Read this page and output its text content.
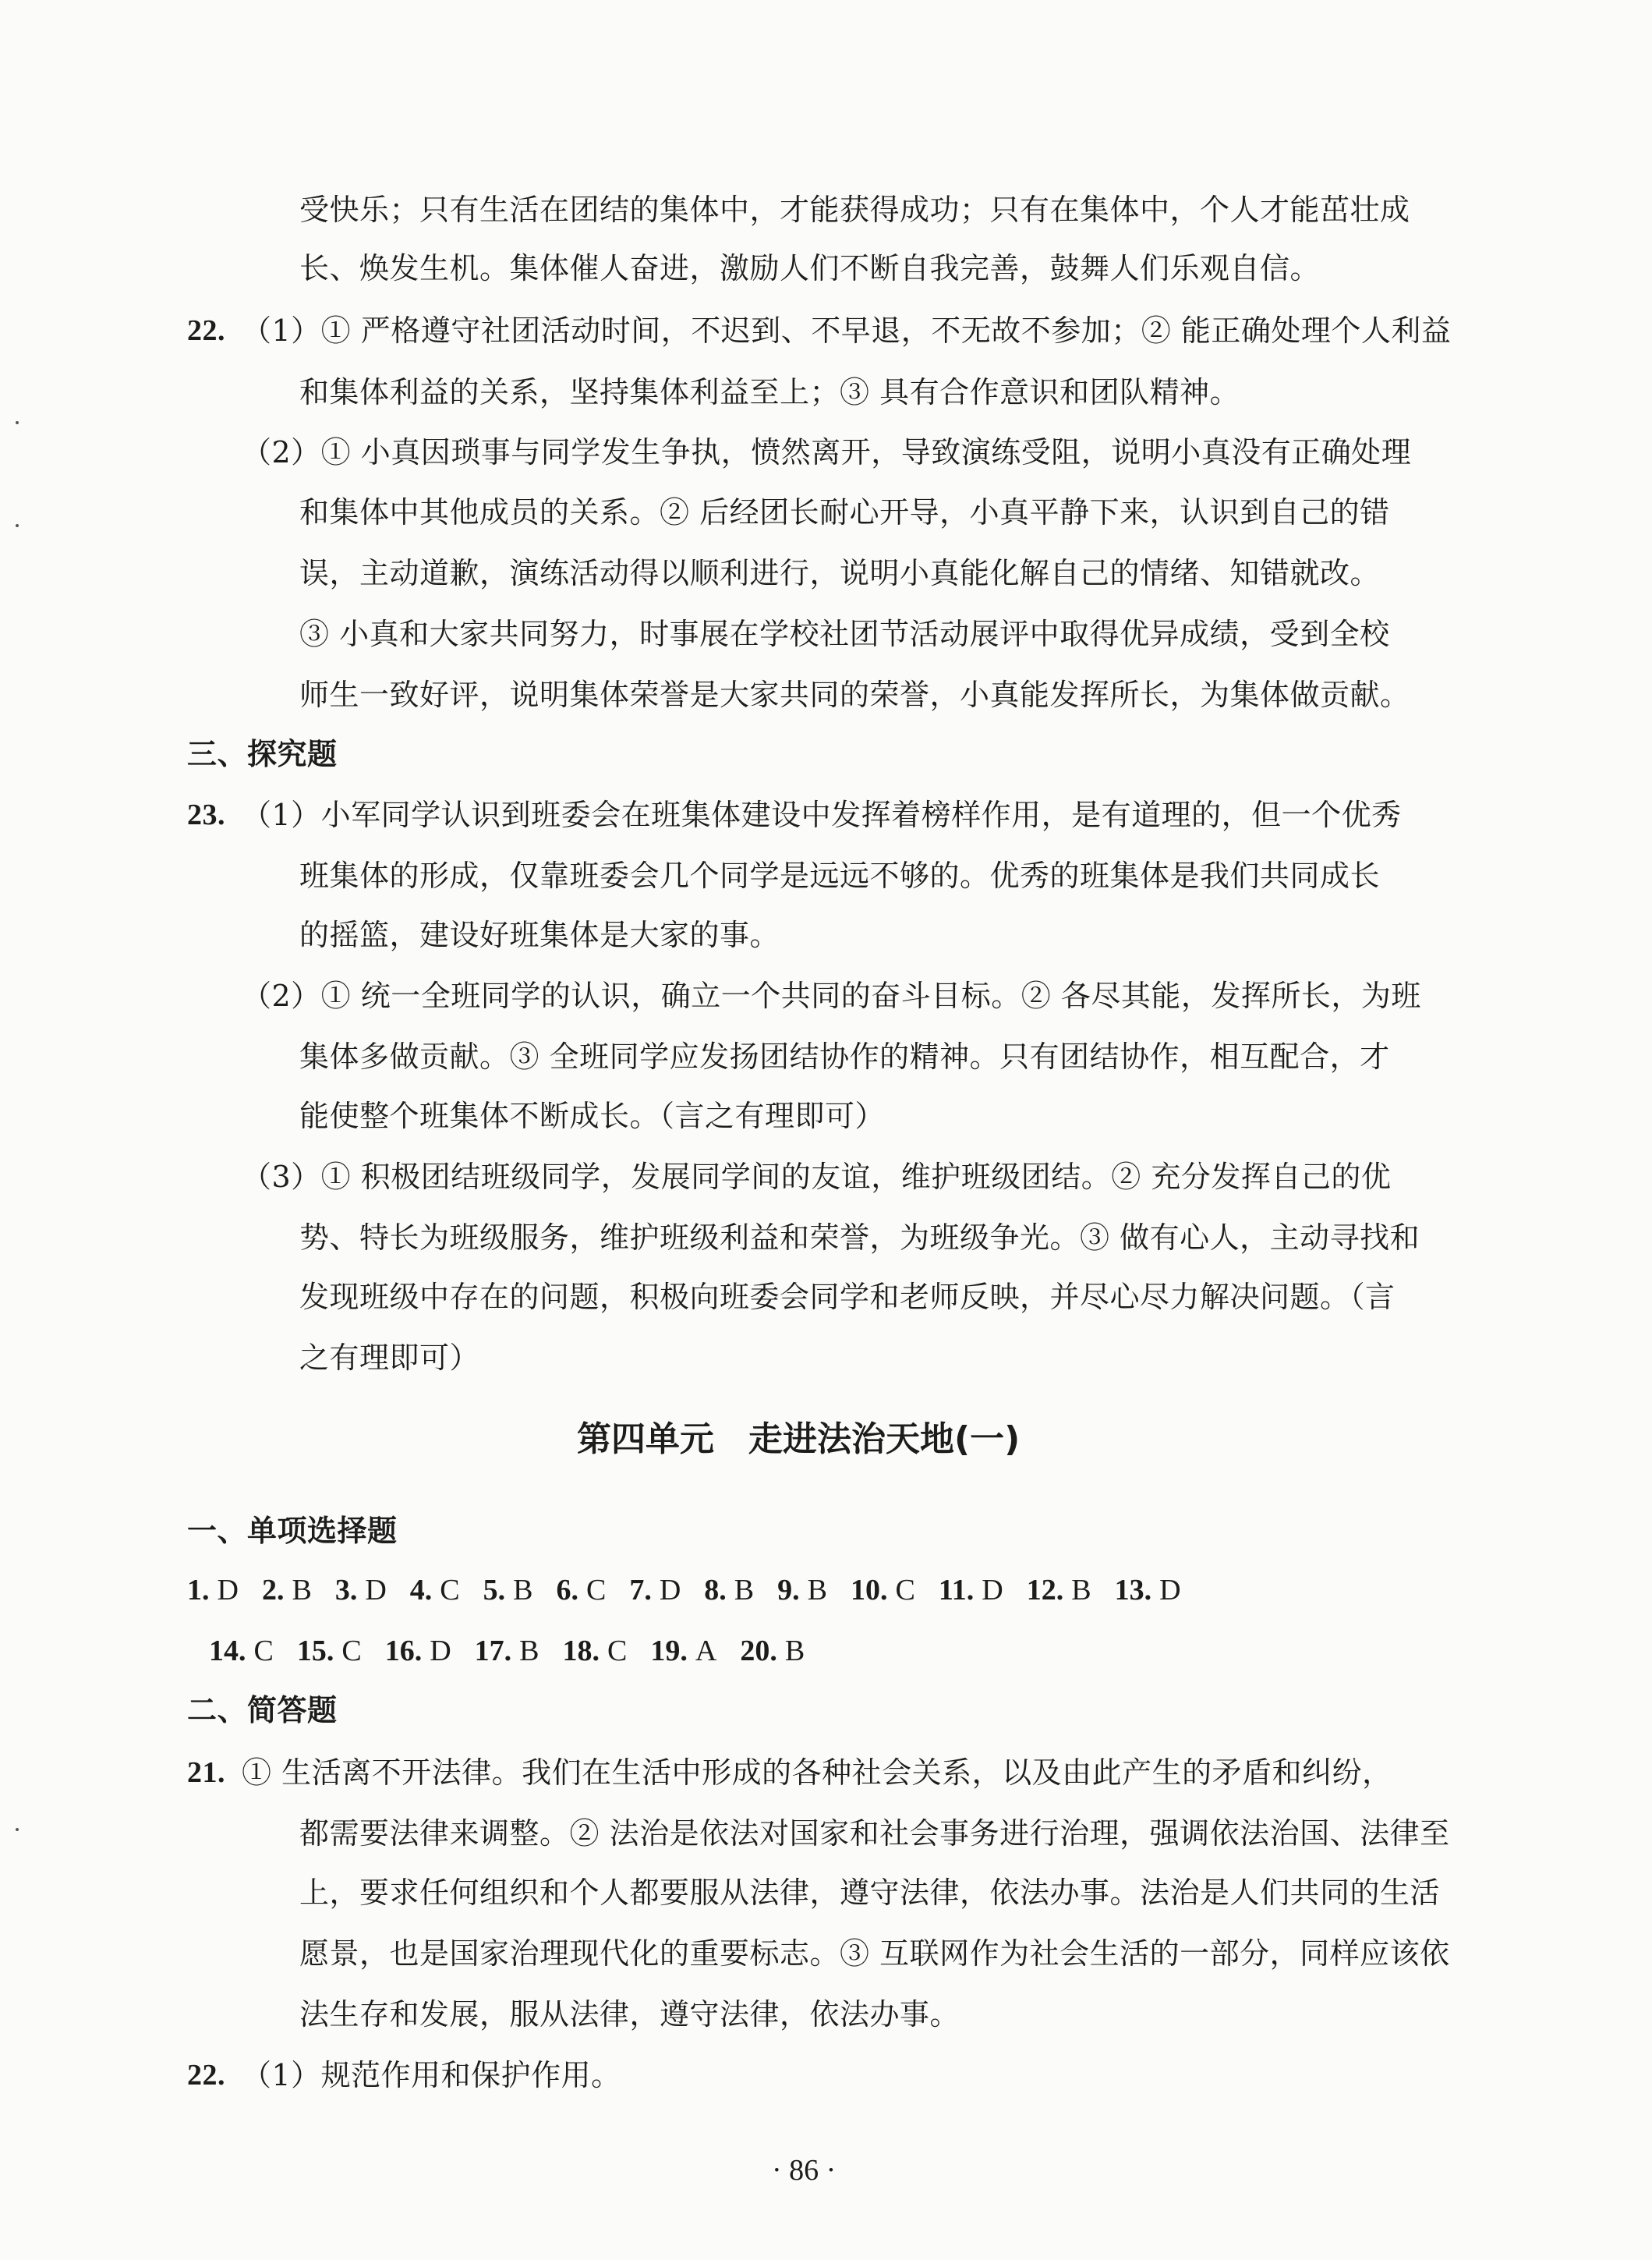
受快乐；只有生活在团结的集体中，才能获得成功；只有在集体中，个人才能茁壮成
长、焕发生机。集体催人奋进，激励人们不断自我完善，鼓舞人们乐观自信。
22. （1）① 严格遵守社团活动时间，不迟到、不早退，不无故不参加；② 能正确处理个人利益
和集体利益的关系，坚持集体利益至上；③ 具有合作意识和团队精神。
（2）① 小真因琐事与同学发生争执，愤然离开，导致演练受阻，说明小真没有正确处理
和集体中其他成员的关系。② 后经团长耐心开导，小真平静下来，认识到自己的错
误，主动道歉，演练活动得以顺利进行，说明小真能化解自己的情绪、知错就改。
③ 小真和大家共同努力，时事展在学校社团节活动展评中取得优异成绩，受到全校
师生一致好评，说明集体荣誉是大家共同的荣誉，小真能发挥所长，为集体做贡献。
三、探究题
23. （1）小军同学认识到班委会在班集体建设中发挥着榜样作用，是有道理的，但一个优秀
班集体的形成，仅靠班委会几个同学是远远不够的。优秀的班集体是我们共同成长
的摇篮，建设好班集体是大家的事。
（2）① 统一全班同学的认识，确立一个共同的奋斗目标。② 各尽其能，发挥所长，为班
集体多做贡献。③ 全班同学应发扬团结协作的精神。只有团结协作，相互配合，才
能使整个班集体不断成长。（言之有理即可）
（3）① 积极团结班级同学，发展同学间的友谊，维护班级团结。② 充分发挥自己的优
势、特长为班级服务，维护班级利益和荣誉，为班级争光。③ 做有心人，主动寻找和
发现班级中存在的问题，积极向班委会同学和老师反映，并尽心尽力解决问题。（言
之有理即可）
第四单元　走进法治天地(一)
一、单项选择题
1. D 2. B 3. D 4. C 5. B 6. C 7. D 8. B 9. B 10. C 11. D 12. B 13. D
14. C 15. C 16. D 17. B 18. C 19. A 20. B
二、简答题
21. ① 生活离不开法律。我们在生活中形成的各种社会关系，以及由此产生的矛盾和纠纷，
都需要法律来调整。② 法治是依法对国家和社会事务进行治理，强调依法治国、法律至
上，要求任何组织和个人都要服从法律，遵守法律，依法办事。法治是人们共同的生活
愿景，也是国家治理现代化的重要标志。③ 互联网作为社会生活的一部分，同样应该依
法生存和发展，服从法律，遵守法律，依法办事。
22. （1）规范作用和保护作用。
· 86 ·
